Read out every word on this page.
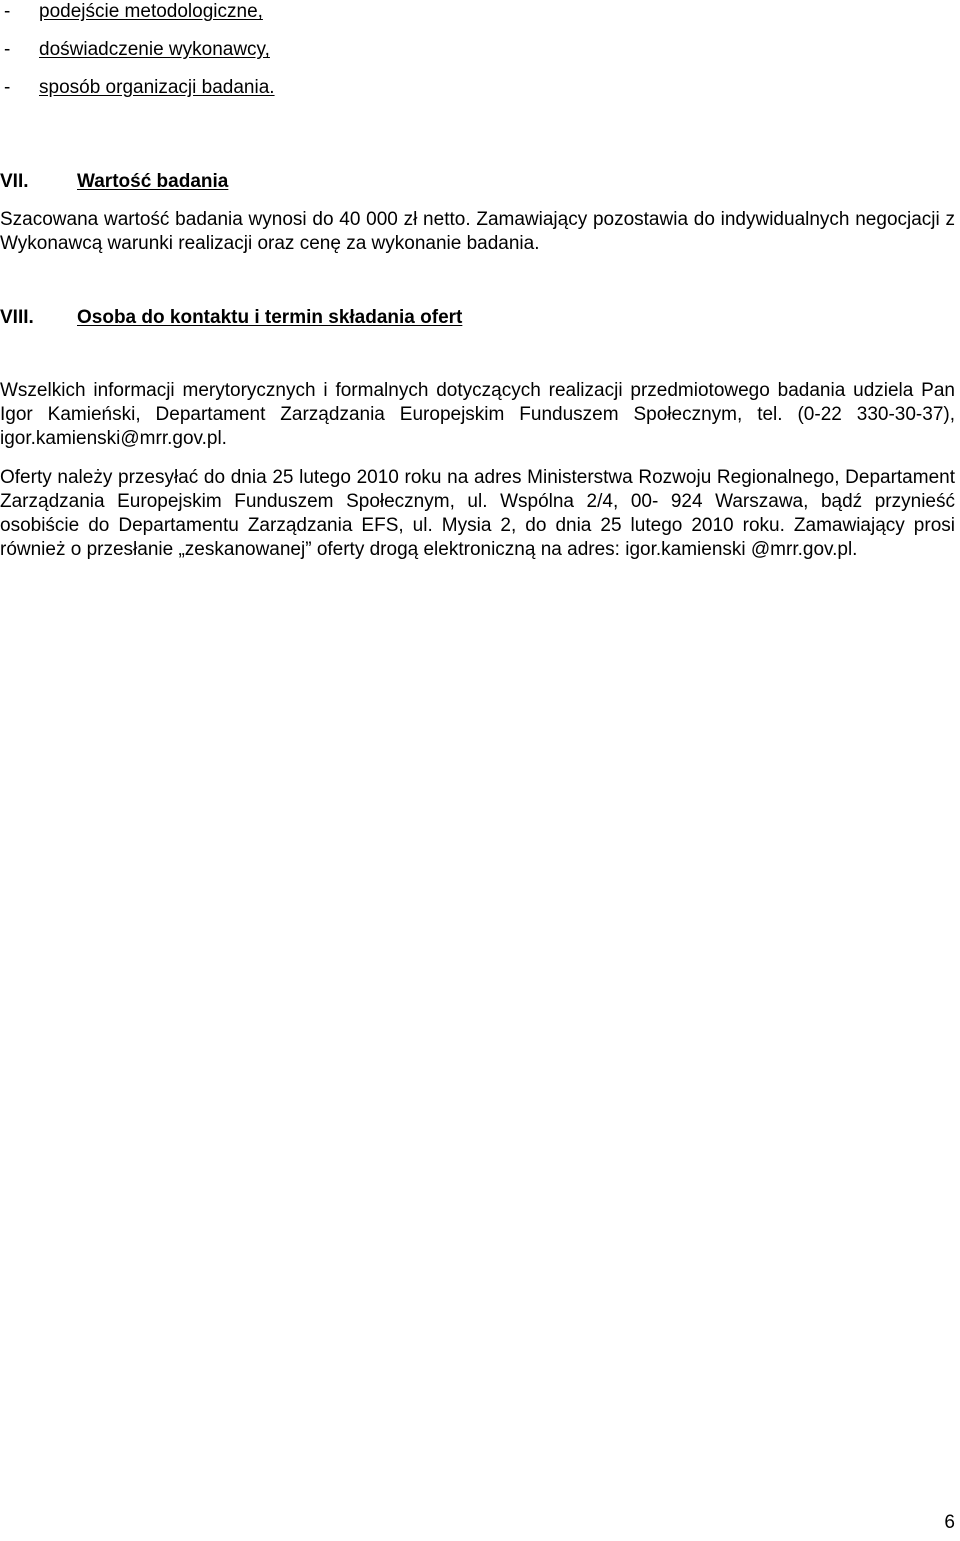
-	podejście metodologiczne,
-	doświadczenie wykonawcy,
-	sposób organizacji badania.
VII.	Wartość badania

Szacowana wartość badania wynosi do 40 000 zł netto. Zamawiający pozostawia do indywidualnych negocjacji z Wykonawcą warunki realizacji oraz cenę za wykonanie badania.

VIII. Osoba do kontaktu i termin składania ofert

Wszelkich informacji merytorycznych i formalnych dotyczących realizacji przedmiotowego badania udziela Pan Igor Kamieński, Departament Zarządzania Europejskim Funduszem Społecznym, tel. (0-22 330-30-37), igor.kamienski@mrr.gov.pl.

Oferty należy przesyłać do dnia 25 lutego 2010 roku na adres Ministerstwa Rozwoju Regionalnego, Departament Zarządzania Europejskim Funduszem Społecznym, ul. Wspólna 2/4, 00- 924 Warszawa, bądź przynieść osobiście do Departamentu Zarządzania EFS, ul. Mysia 2, do dnia 25 lutego 2010 roku. Zamawiający prosi również o przesłanie „zeskanowanej” oferty drogą elektroniczną na adres: igor.kamienski @mrr.gov.pl.

6
